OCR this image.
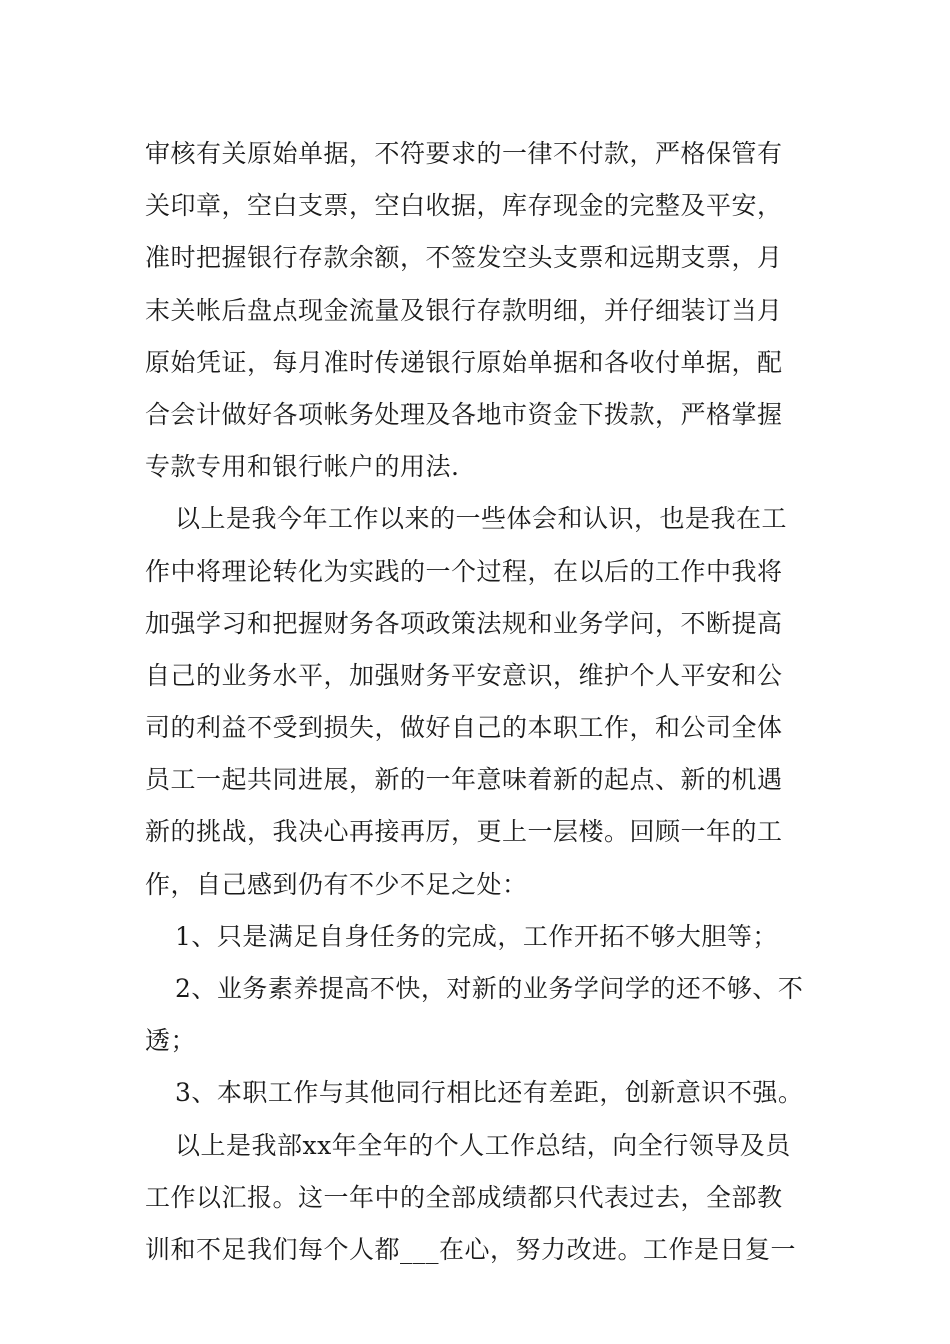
审核有关原始单据，不符要求的一律不付款，严格保管有
关印章，空白支票，空白收据，库存现金的完整及平安，
准时把握银行存款余额，不签发空头支票和远期支票，月
末关帐后盘点现金流量及银行存款明细，并仔细装订当月
原始凭证，每月准时传递银行原始单据和各收付单据，配
合会计做好各项帐务处理及各地市资金下拨款，严格掌握
专款专用和银行帐户的用法.
以上是我今年工作以来的一些体会和认识，也是我在工
作中将理论转化为实践的一个过程，在以后的工作中我将
加强学习和把握财务各项政策法规和业务学问，不断提高
自己的业务水平，加强财务平安意识，维护个人平安和公
司的利益不受到损失，做好自己的本职工作，和公司全体
员工一起共同进展，新的一年意味着新的起点、新的机遇
新的挑战，我决心再接再厉，更上一层楼。回顾一年的工
作，自己感到仍有不少不足之处：
1、只是满足自身任务的完成，工作开拓不够大胆等；
2、业务素养提高不快，对新的业务学问学的还不够、不
透；
3、本职工作与其他同行相比还有差距，创新意识不强。
以上是我部xx年全年的个人工作总结，向全行领导及员
工作以汇报。这一年中的全部成绩都只代表过去，全部教
训和不足我们每个人都___在心，努力改进。工作是日复一
